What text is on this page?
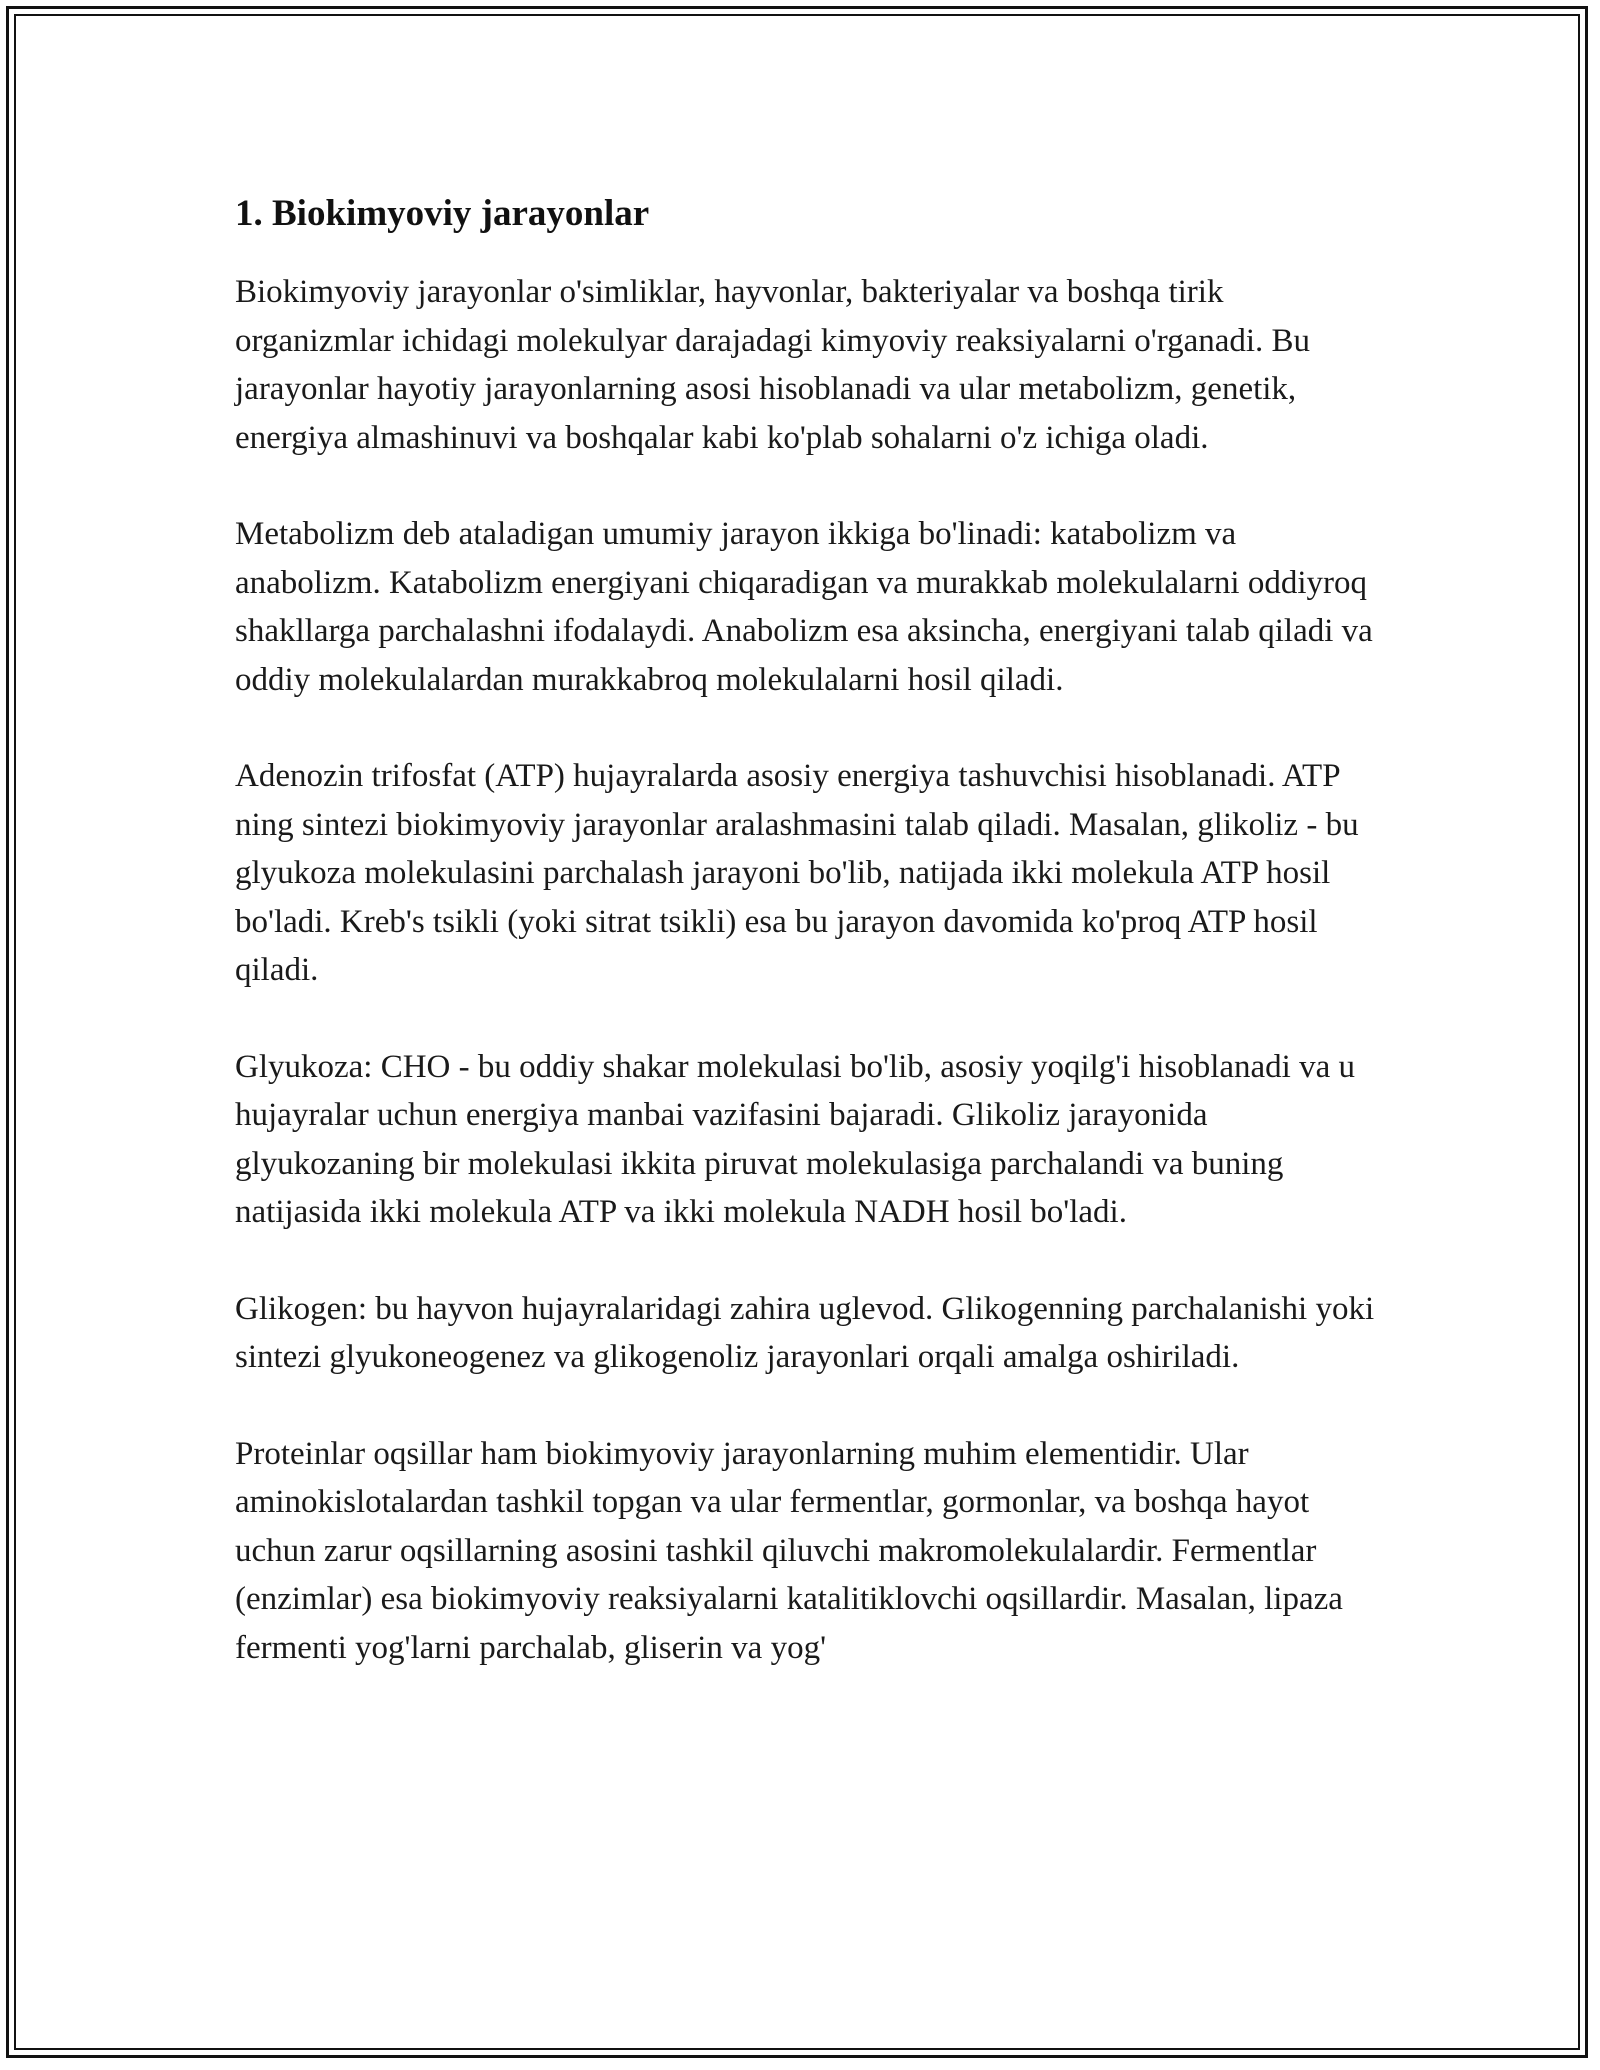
1. Biokimyoviy jarayonlar

Biokimyoviy jarayonlar o'simliklar, hayvonlar, bakteriyalar va boshqa tirik organizmlar ichidagi molekulyar darajadagi kimyoviy reaksiyalarni o'rganadi. Bu jarayonlar hayotiy jarayonlarning asosi hisoblanadi va ular metabolizm, genetik, energiya almashinuvi va boshqalar kabi ko'plab sohalarni o'z ichiga oladi.

Metabolizm deb ataladigan umumiy jarayon ikkiga bo'linadi: katabolizm va anabolizm. Katabolizm energiyani chiqaradigan va murakkab molekulalarni oddiyroq shakllarga parchalashni ifodalaydi. Anabolizm esa aksincha, energiyani talab qiladi va oddiy molekulalardan murakkabroq molekulalarni hosil qiladi.

Adenozin trifosfat (ATP) hujayralarda asosiy energiya tashuvchisi hisoblanadi. ATP ning sintezi biokimyoviy jarayonlar aralashmasini talab qiladi. Masalan, glikoliz - bu glyukoza molekulasini parchalash jarayoni bo'lib, natijada ikki molekula ATP hosil bo'ladi. Kreb's tsikli (yoki sitrat tsikli) esa bu jarayon davomida ko'proq ATP hosil qiladi.

Glyukoza: CHO - bu oddiy shakar molekulasi bo'lib, asosiy yoqilg'i hisoblanadi va u hujayralar uchun energiya manbai vazifasini bajaradi. Glikoliz jarayonida glyukozaning bir molekulasi ikkita piruvat molekulasiga parchalandi va buning natijasida ikki molekula ATP va ikki molekula NADH hosil bo'ladi.

Glikogen: bu hayvon hujayralaridagi zahira uglevod. Glikogenning parchalanishi yoki sintezi glyukoneogenez va glikogenoliz jarayonlari orqali amalga oshiriladi.

Proteinlar oqsillar ham biokimyoviy jarayonlarning muhim elementidir. Ular aminokislotalardan tashkil topgan va ular fermentlar, gormonlar, va boshqa hayot uchun zarur oqsillarning asosini tashkil qiluvchi makromolekulalardir. Fermentlar (enzimlar) esa biokimyoviy reaksiyalarni katalitiklovchi oqsillardir. Masalan, lipaza fermenti yog'larni parchalab, gliserin va yog'
